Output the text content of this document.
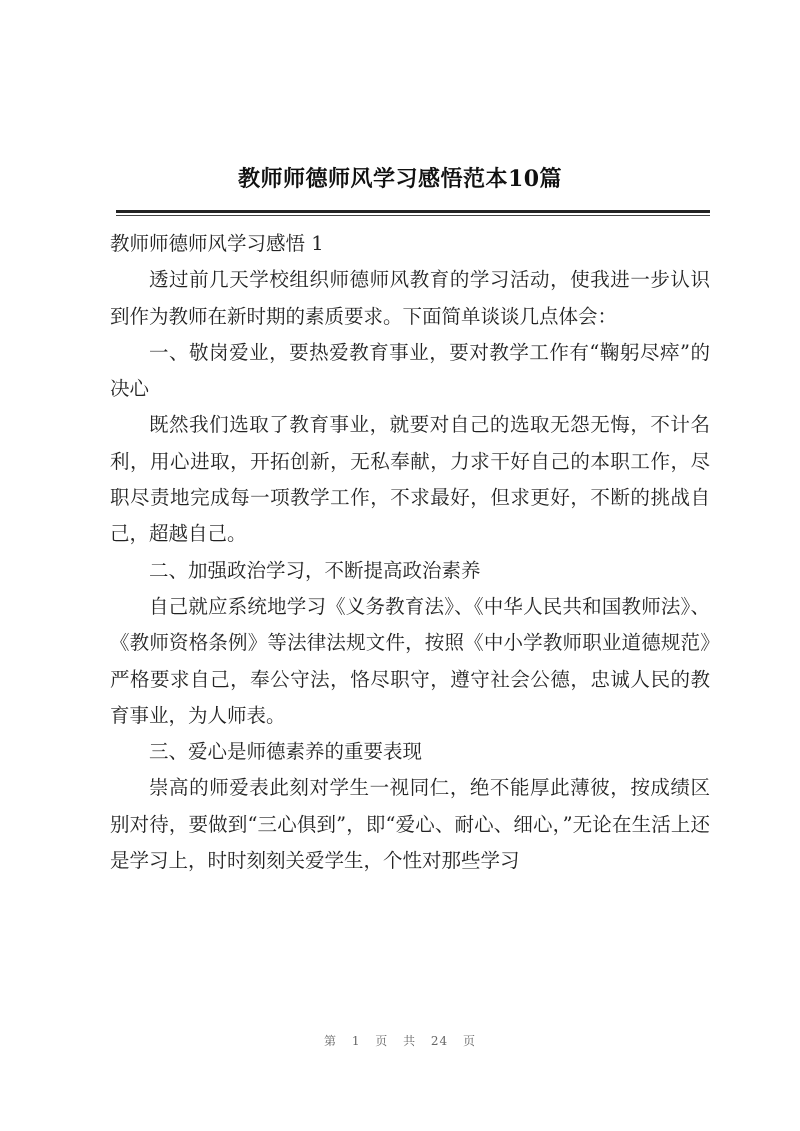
教师师德师风学习感悟范本10篇

教师师德师风学习感悟 1

透过前几天学校组织师德师风教育的学习活动，使我进一步认识到作为教师在新时期的素质要求。下面简单谈谈几点体会：

一、敬岗爱业，要热爱教育事业，要对教学工作有“鞠躬尽瘁”的决心

既然我们选取了教育事业，就要对自己的选取无怨无悔，不计名利，用心进取，开拓创新，无私奉献，力求干好自己的本职工作，尽职尽责地完成每一项教学工作，不求最好，但求更好，不断的挑战自己，超越自己。

二、加强政治学习，不断提高政治素养

自己就应系统地学习《义务教育法》、《中华人民共和国教师法》、《教师资格条例》等法律法规文件，按照《中小学教师职业道德规范》严格要求自己，奉公守法，恪尽职守，遵守社会公德，忠诚人民的教育事业，为人师表。

三、爱心是师德素养的重要表现

崇高的师爱表此刻对学生一视同仁，绝不能厚此薄彼，按成绩区别对待，要做到“三心俱到”，即“爱心、耐心、细心，”无论在生活上还是学习上，时时刻刻关爱学生，个性对那些学习

第 1 页 共 24 页
